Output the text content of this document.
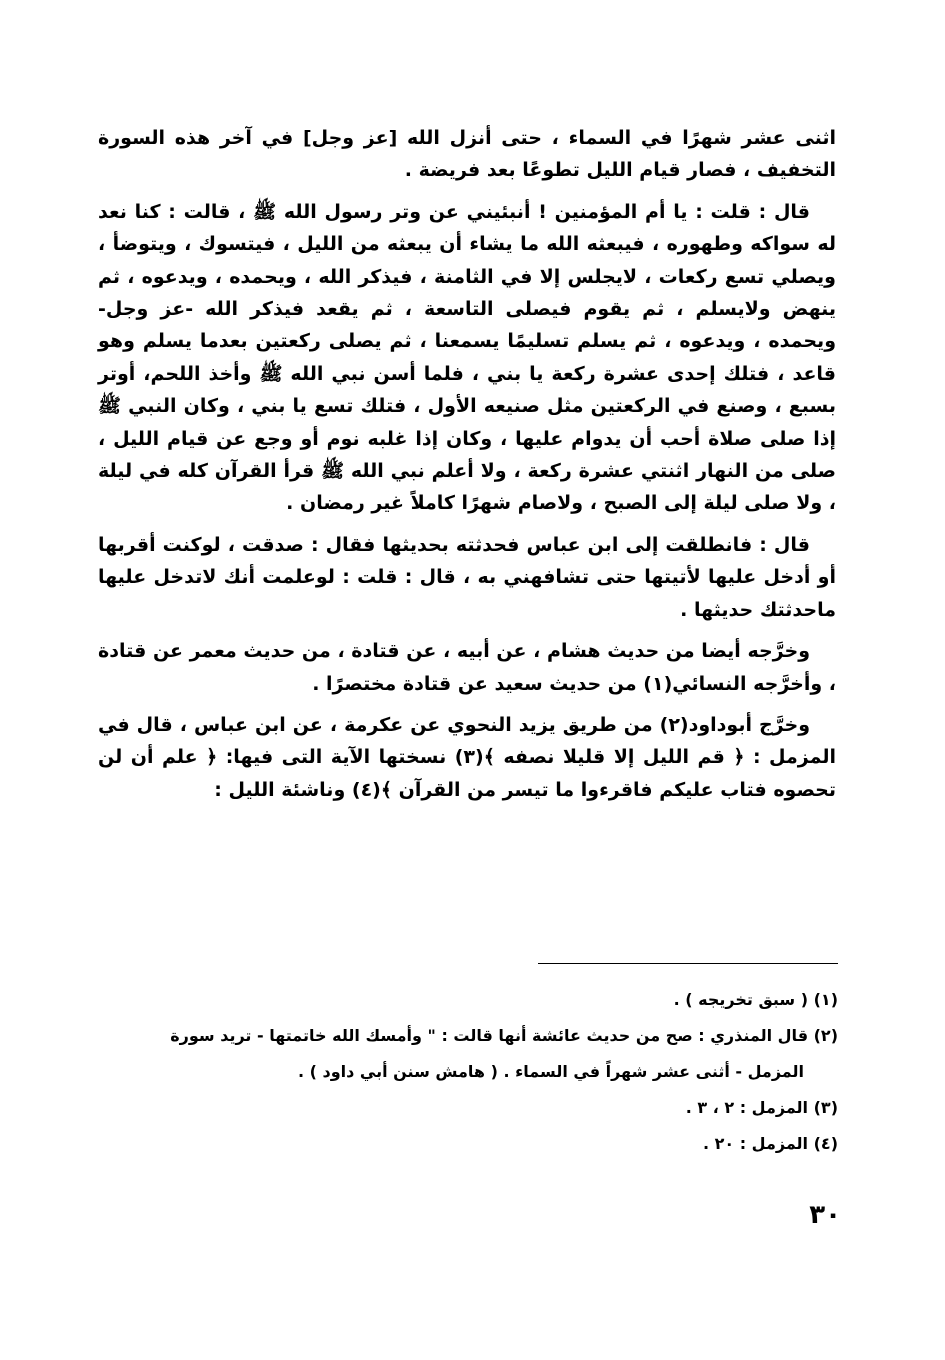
اثنى عشر شهرًا في السماء ، حتى أنزل الله [عز وجل] في آخر هذه السورة التخفيف ، فصار قيام الليل تطوعًا بعد فريضة .

قال : قلت : يا أم المؤمنين ! أنبئيني عن وتر رسول الله ﷺ ، قالت : كنا نعد له سواكه وطهوره ، فيبعثه الله ما يشاء أن يبعثه من الليل ، فيتسوك ، ويتوضأ ، ويصلي تسع ركعات ، لايجلس إلا في الثامنة ، فيذكر الله ، ويحمده ، ويدعوه ، ثم ينهض ولايسلم ، ثم يقوم فيصلى التاسعة ، ثم يقعد فيذكر الله -عز وجل- ويحمده ، ويدعوه ، ثم يسلم تسليمًا يسمعنا ، ثم يصلى ركعتين بعدما يسلم وهو قاعد ، فتلك إحدى عشرة ركعة يا بني ، فلما أسن نبي الله ﷺ وأخذ اللحم، أوتر بسبع ، وصنع في الركعتين مثل صنيعه الأول ، فتلك تسع يا بني ، وكان النبي ﷺ إذا صلى صلاة أحب أن يدوام عليها ، وكان إذا غلبه نوم أو وجع عن قيام الليل ، صلى من النهار اثنتي عشرة ركعة ، ولا أعلم نبي الله ﷺ قرأ القرآن كله في ليلة ، ولا صلى ليلة إلى الصبح ، ولاصام شهرًا كاملاً غير رمضان .

قال : فانطلقت إلى ابن عباس فحدثته بحديثها فقال : صدقت ، لوكنت أقربها أو أدخل عليها لأتيتها حتى تشافهني به ، قال : قلت : لوعلمت أنك لاتدخل عليها ماحدثتك حديثها .

وخرَّجه أيضا من حديث هشام ، عن أبيه ، عن قتادة ، من حديث معمر عن قتادة ، وأخرَّجه النسائي(١) من حديث سعيد عن قتادة مختصرًا .

وخرَّج أبوداود(٢) من طريق يزيد النحوي عن عكرمة ، عن ابن عباس ، قال في المزمل : ﴿ قم الليل إلا قليلا نصفه ﴾(٣) نسختها الآية التى فيها: ﴿ علم أن لن تحصوه فتاب عليكم فاقرءوا ما تيسر من القرآن ﴾(٤) وناشئة الليل :

(١) ( سبق تخريجه ) .
(٢) قال المنذري : صح من حديث عائشة أنها قالت : " وأمسك الله خاتمتها - تريد سورة
المزمل - أثنى عشر شهراً في السماء . ( هامش سنن أبي داود ) .
(٣) المزمل : ٢ ، ٣ .
(٤) المزمل : ٢٠ .
٣٠
